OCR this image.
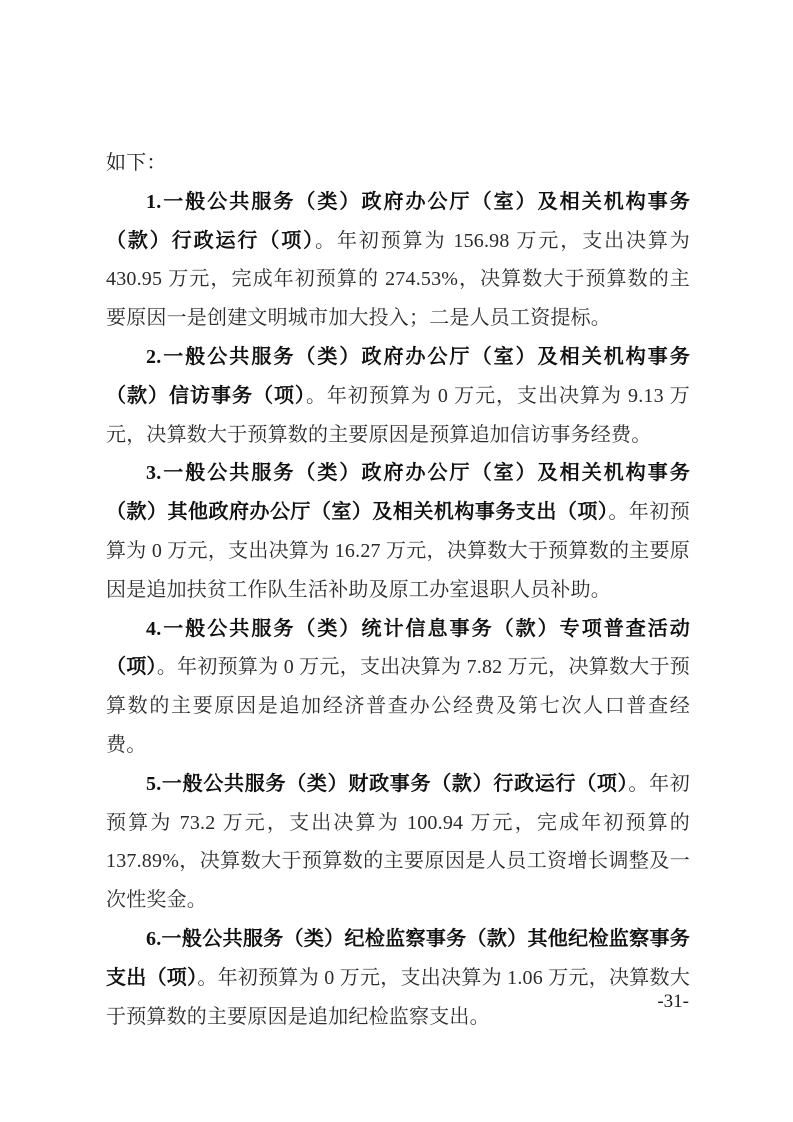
如下：

1.一般公共服务（类）政府办公厅（室）及相关机构事务（款）行政运行（项）。年初预算为 156.98 万元，支出决算为 430.95 万元，完成年初预算的 274.53%，决算数大于预算数的主要原因一是创建文明城市加大投入；二是人员工资提标。

2.一般公共服务（类）政府办公厅（室）及相关机构事务（款）信访事务（项）。年初预算为 0 万元，支出决算为 9.13 万元，决算数大于预算数的主要原因是预算追加信访事务经费。

3.一般公共服务（类）政府办公厅（室）及相关机构事务（款）其他政府办公厅（室）及相关机构事务支出（项）。年初预算为 0 万元，支出决算为 16.27 万元，决算数大于预算数的主要原因是追加扶贫工作队生活补助及原工办室退职人员补助。

4.一般公共服务（类）统计信息事务（款）专项普查活动（项）。年初预算为 0 万元，支出决算为 7.82 万元，决算数大于预算数的主要原因是追加经济普查办公经费及第七次人口普查经费。

5.一般公共服务（类）财政事务（款）行政运行（项）。年初预算为 73.2 万元，支出决算为 100.94 万元，完成年初预算的 137.89%，决算数大于预算数的主要原因是人员工资增长调整及一次性奖金。

6.一般公共服务（类）纪检监察事务（款）其他纪检监察事务支出（项）。年初预算为 0 万元，支出决算为 1.06 万元，决算数大于预算数的主要原因是追加纪检监察支出。

-31-
